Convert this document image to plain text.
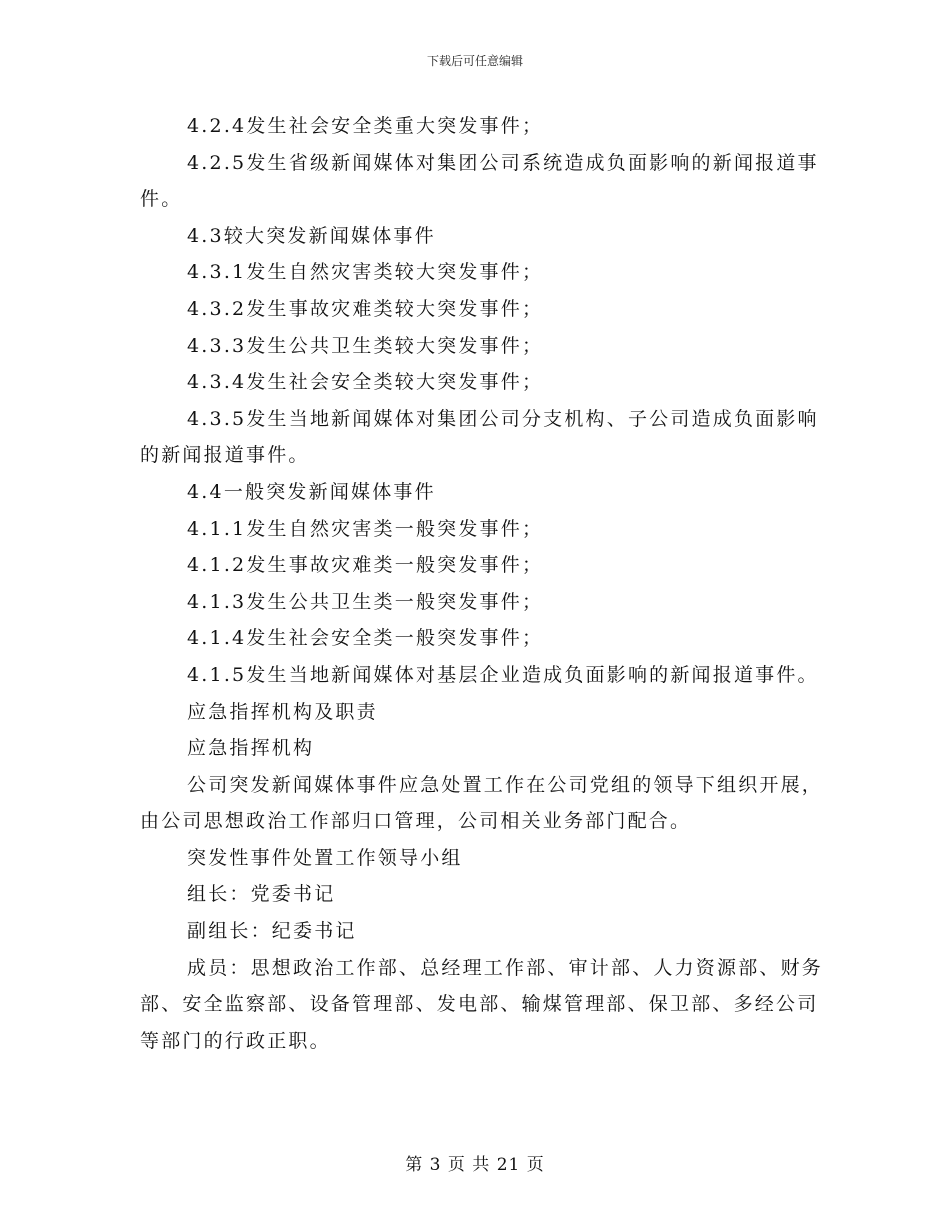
下载后可任意编辑

4.2.4发生社会安全类重大突发事件；

4.2.5发生省级新闻媒体对集团公司系统造成负面影响的新闻报道事件。

4.3较大突发新闻媒体事件

4.3.1发生自然灾害类较大突发事件；

4.3.2发生事故灾难类较大突发事件；

4.3.3发生公共卫生类较大突发事件；

4.3.4发生社会安全类较大突发事件；

4.3.5发生当地新闻媒体对集团公司分支机构、子公司造成负面影响的新闻报道事件。

4.4一般突发新闻媒体事件

4.1.1发生自然灾害类一般突发事件；

4.1.2发生事故灾难类一般突发事件；

4.1.3发生公共卫生类一般突发事件；

4.1.4发生社会安全类一般突发事件；

4.1.5发生当地新闻媒体对基层企业造成负面影响的新闻报道事件。

应急指挥机构及职责

应急指挥机构

公司突发新闻媒体事件应急处置工作在公司党组的领导下组织开展，由公司思想政治工作部归口管理，公司相关业务部门配合。

突发性事件处置工作领导小组

组长：党委书记

副组长：纪委书记

成员：思想政治工作部、总经理工作部、审计部、人力资源部、财务部、安全监察部、设备管理部、发电部、输煤管理部、保卫部、多经公司等部门的行政正职。

第 3 页 共 21 页
